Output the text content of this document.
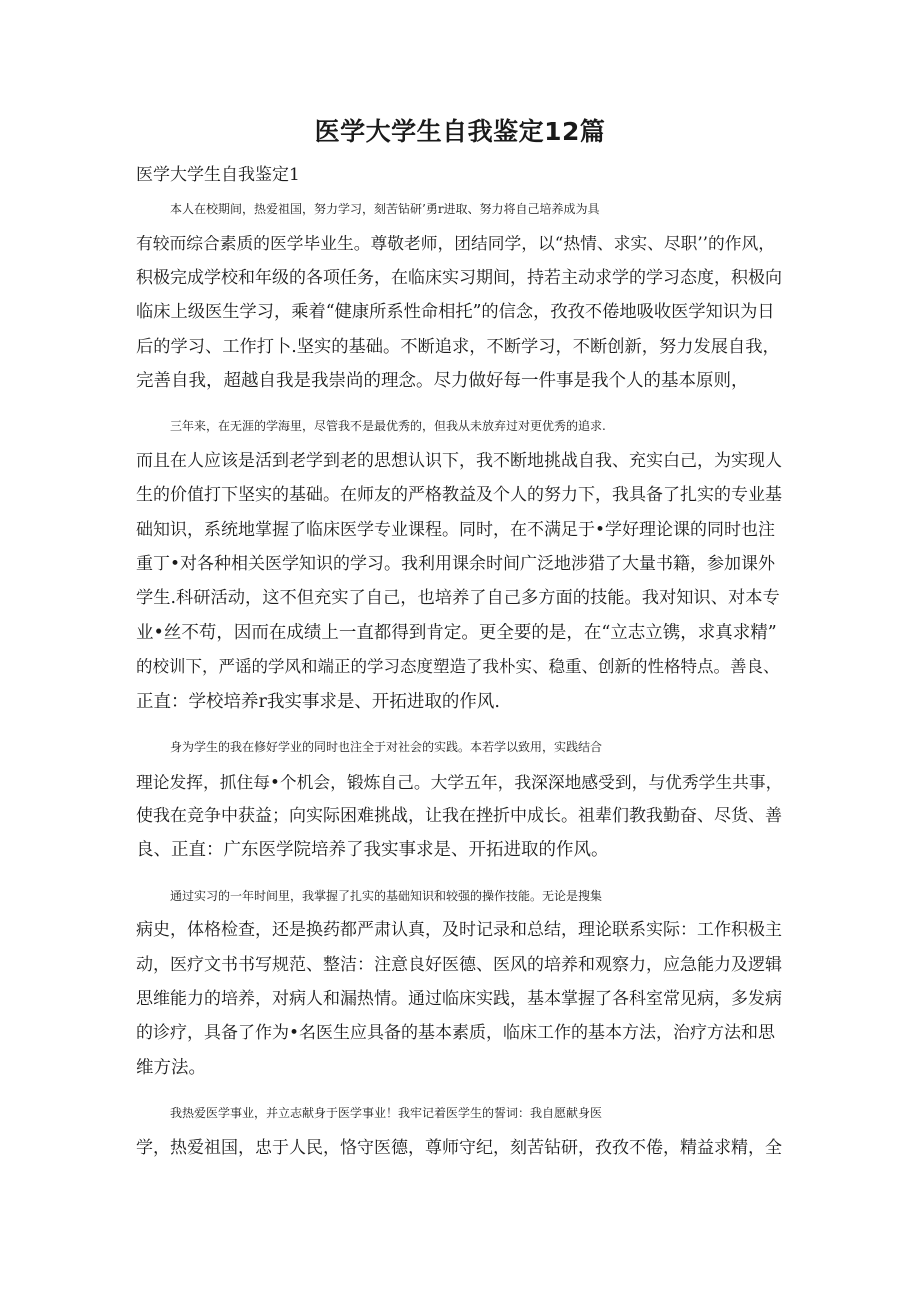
医学大学生自我鉴定12篇
医学大学生自我鉴定1

本人在校期间，热爱祖国，努力学习，刻苦钻研’勇r进取、努力将自己培养成为具
有较而综合素质的医学毕业生。尊敬老师，团结同学，以“热情、求实、尽职’’的作风，
积极完成学校和年级的各项任务，在临床实习期间，持若主动求学的学习态度，积极向
临床上级医生学习，乘着“健康所系性命相托”的信念，孜孜不倦地吸收医学知识为日
后的学习、工作打卜.坚实的基础。不断追求，不断学习，不断创新，努力发展自我，
完善自我，超越自我是我崇尚的理念。尽力做好每一件事是我个人的基本原则，

三年来，在无涯的学海里，尽管我不是最优秀的，但我从未放弃过对更优秀的追求.
而且在人应该是活到老学到老的思想认识下，我不断地挑战自我、充实白己，为实现人
生的价值打下坚实的基础。在师友的严格教益及个人的努力下，我具备了扎实的专业基
础知识，系统地掌握了临床医学专业课程。同时，在不满足于•学好理论课的同时也注
重丁•对各种相关医学知识的学习。我利用课余时间广泛地涉猎了大量书籍，参加课外
学生.科研活动，这不但充实了自己，也培养了自己多方面的技能。我对知识、对本专
业•丝不苟，因而在成绩上一直都得到肯定。更全要的是，在“立志立镌，求真求精”
的校训下，严谣的学风和端正的学习态度塑造了我朴实、稳重、创新的性格特点。善良、
正直：学校培养r我实事求是、开拓进取的作风.

身为学生的我在修好学业的同时也注全于对社会的实践。本若学以致用，实践结合
理论发挥，抓住每•个机会，锻炼自己。大学五年，我深深地感受到，与优秀学生共事，
使我在竞争中获益；向实际困难挑战，让我在挫折中成长。祖辈们教我勤奋、尽货、善
良、正直：广东医学院培养了我实事求是、开拓进取的作风。

通过实习的一年时间里，我掌握了扎实的基础知识和较强的操作技能。无论是搜集
病史，体格检查，还是换药都严肃认真，及时记录和总结，理论联系实际：工作积极主
动，医疗文书书写规范、整洁：注意良好医德、医风的培养和观察力，应急能力及逻辑
思维能力的培养，对病人和漏热情。通过临床实践，基本掌握了各科室常见病，多发病
的诊疗，具备了作为•名医生应具备的基本素质，临床工作的基本方法，治疗方法和思
维方法。

我热爱医学事业，并立志献身于医学事业！我牢记着医学生的誓词：我自愿献身医
学，热爱祖国，忠于人民，恪守医德，尊师守纪，刻苦钻研，孜孜不倦，精益求精，全
